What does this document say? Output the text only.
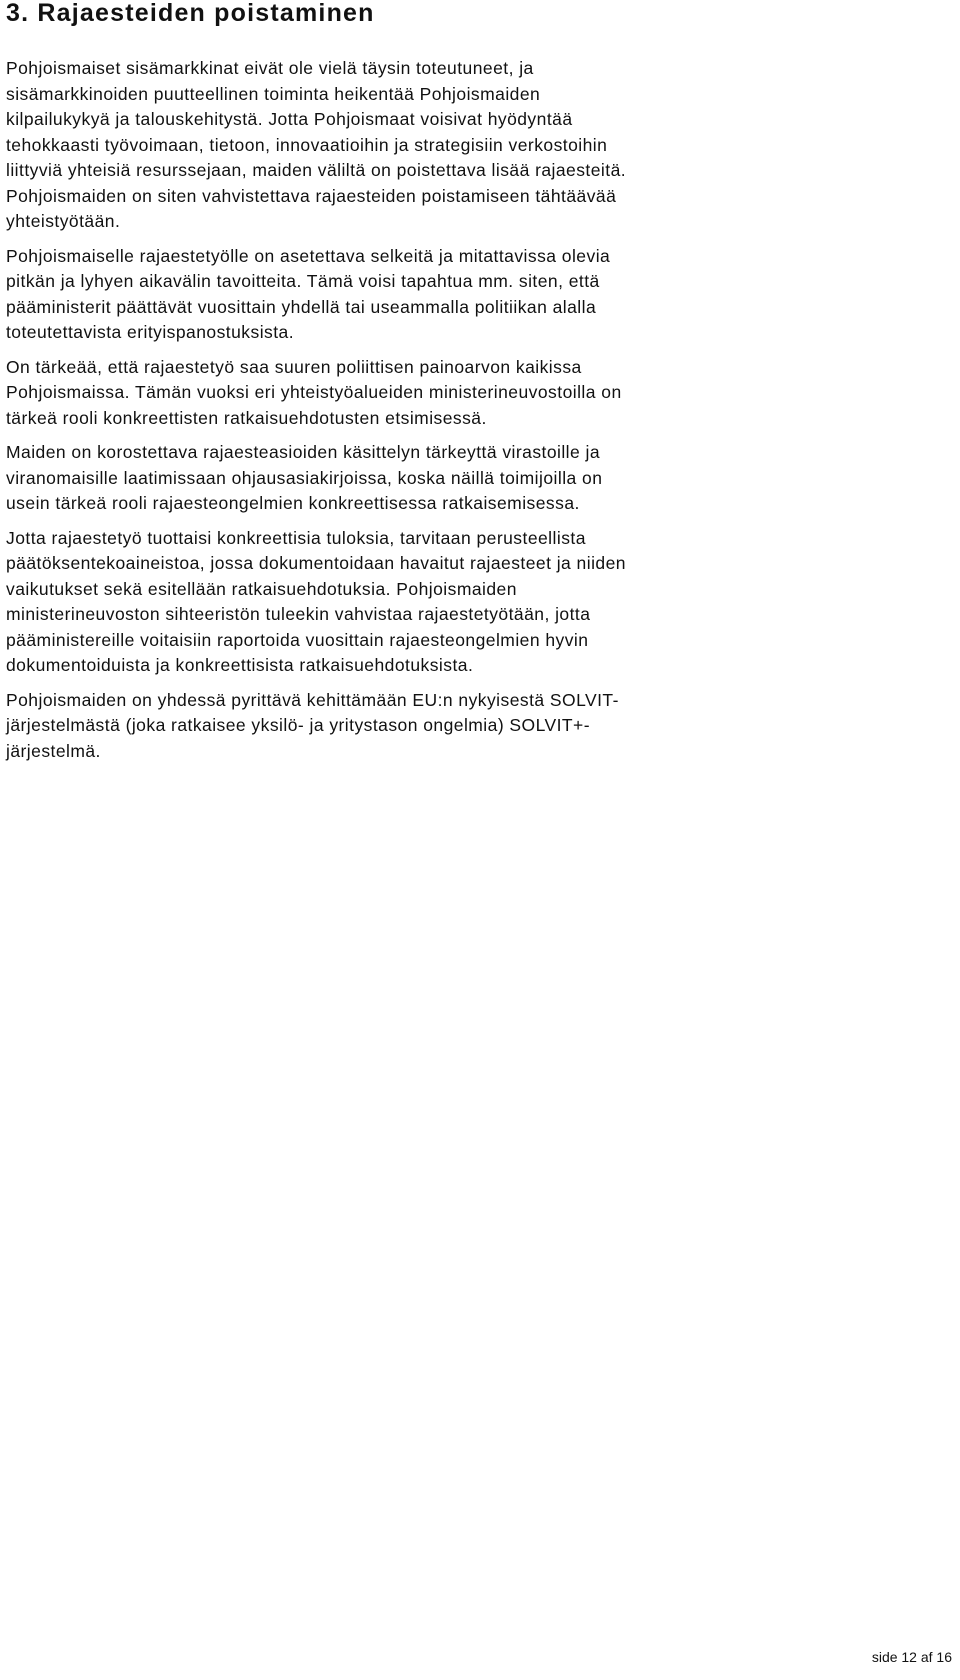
3. Rajaesteiden poistaminen

Pohjoismaiset sisämarkkinat eivät ole vielä täysin toteutuneet, ja
sisämarkkinoiden puutteellinen toiminta heikentää Pohjoismaiden
kilpailukykyä ja talouskehitystä. Jotta Pohjoismaat voisivat hyödyntää
tehokkaasti työvoimaan, tietoon, innovaatioihin ja strategisiin verkostoihin
liittyviä yhteisiä resurssejaan, maiden väliltä on poistettava lisää rajaesteitä.
Pohjoismaiden on siten vahvistettava rajaesteiden poistamiseen tähtäävää
yhteistyötään.

Pohjoismaiselle rajaestetyölle on asetettava selkeitä ja mitattavissa olevia
pitkän ja lyhyen aikavälin tavoitteita. Tämä voisi tapahtua mm. siten, että
pääministerit päättävät vuosittain yhdellä tai useammalla politiikan alalla
toteutettavista erityispanostuksista.

On tärkeää, että rajaestetyö saa suuren poliittisen painoarvon kaikissa
Pohjoismaissa. Tämän vuoksi eri yhteistyöalueiden ministerineuvostoilla on
tärkeä rooli konkreettisten ratkaisuehdotusten etsimisessä.

Maiden on korostettava rajaesteasioiden käsittelyn tärkeyttä virastoille ja
viranomaisille laatimissaan ohjausasiakirjoissa, koska näillä toimijoilla on
usein tärkeä rooli rajaesteongelmien konkreettisessa ratkaisemisessa.

Jotta rajaestetyö tuottaisi konkreettisia tuloksia, tarvitaan perusteellista
päätöksentekoaineistoa, jossa dokumentoidaan havaitut rajaesteet ja niiden
vaikutukset sekä esitellään ratkaisuehdotuksia. Pohjoismaiden
ministerineuvoston sihteeristön tuleekin vahvistaa rajaestetyötään, jotta
pääministereille voitaisiin raportoida vuosittain rajaesteongelmien hyvin
dokumentoiduista ja konkreettisista ratkaisuehdotuksista.

Pohjoismaiden on yhdessä pyrittävä kehittämään EU:n nykyisestä SOLVIT-
järjestelmästä (joka ratkaisee yksilö- ja yritystason ongelmia) SOLVIT+-
järjestelmä.

side 12 af 16
